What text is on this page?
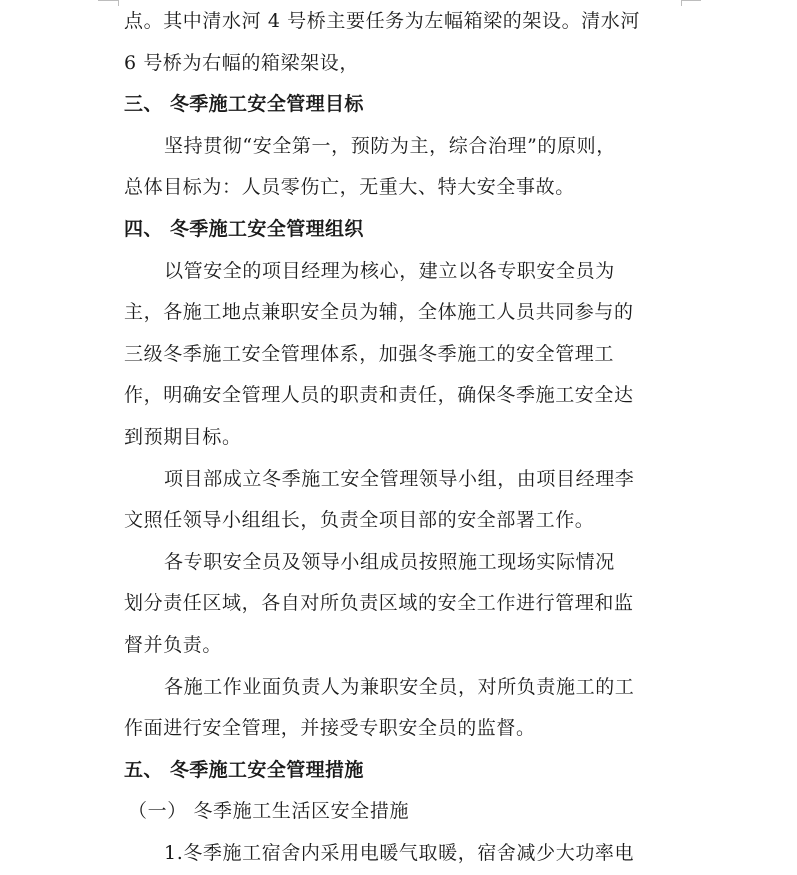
点。其中清水河 4 号桥主要任务为左幅箱梁的架设。清水河
6 号桥为右幅的箱梁架设，
三、 冬季施工安全管理目标
坚持贯彻“安全第一，预防为主，综合治理”的原则，
总体目标为：人员零伤亡，无重大、特大安全事故。
四、 冬季施工安全管理组织
以管安全的项目经理为核心，建立以各专职安全员为
主，各施工地点兼职安全员为辅，全体施工人员共同参与的
三级冬季施工安全管理体系，加强冬季施工的安全管理工
作，明确安全管理人员的职责和责任，确保冬季施工安全达
到预期目标。
项目部成立冬季施工安全管理领导小组，由项目经理李
文照任领导小组组长，负责全项目部的安全部署工作。
各专职安全员及领导小组成员按照施工现场实际情况
划分责任区域，各自对所负责区域的安全工作进行管理和监
督并负责。
各施工作业面负责人为兼职安全员，对所负责施工的工
作面进行安全管理，并接受专职安全员的监督。
五、 冬季施工安全管理措施
（一） 冬季施工生活区安全措施
1.冬季施工宿舍内采用电暖气取暖，宿舍减少大功率电
